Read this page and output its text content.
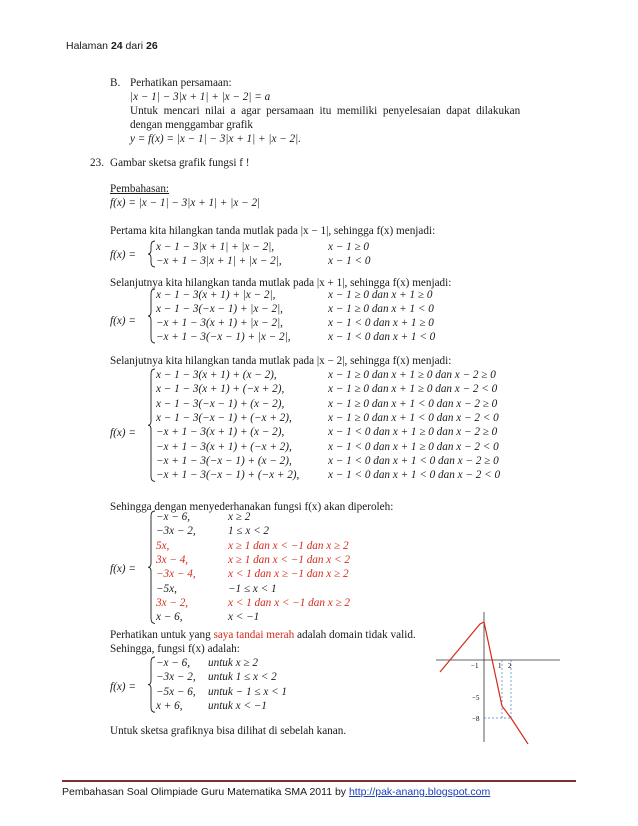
Halaman 24 dari 26
B. Perhatikan persamaan:
|x − 1| − 3|x + 1| + |x − 2| = a
Untuk  mencari  nilai  a  agar  persamaan  itu  memiliki  penyelesaian  dapat  dilakukan
dengan menggambar grafik
y = f(x) = |x − 1| − 3|x + 1| + |x − 2|.
23. Gambar sketsa grafik fungsi f !
Pembahasan:
f(x) = |x − 1| − 3|x + 1| + |x − 2|
Pertama kita hilangkan tanda mutlak pada |x − 1|, sehingga f(x) menjadi:
f(x) =
x − 1 − 3|x + 1| + |x − 2|,	x − 1 ≥ 0
−x + 1 − 3|x + 1| + |x − 2|,	x − 1 < 0
Selanjutnya kita hilangkan tanda mutlak pada |x + 1|, sehingga f(x) menjadi:
f(x) =
x − 1 − 3(x + 1) + |x − 2|,	x − 1 ≥ 0 dan x + 1 ≥ 0
x − 1 − 3(−x − 1) + |x − 2|,	x − 1 ≥ 0 dan x + 1 < 0
−x + 1 − 3(x + 1) + |x − 2|,	x − 1 < 0 dan x + 1 ≥ 0
−x + 1 − 3(−x − 1) + |x − 2|,	x − 1 < 0 dan x + 1 < 0
Selanjutnya kita hilangkan tanda mutlak pada |x − 2|, sehingga f(x) menjadi:
f(x) =
x − 1 − 3(x + 1) + (x − 2),	x − 1 ≥ 0 dan x + 1 ≥ 0 dan x − 2 ≥ 0
x − 1 − 3(x + 1) + (−x + 2),	x − 1 ≥ 0 dan x + 1 ≥ 0 dan x − 2 < 0
x − 1 − 3(−x − 1) + (x − 2),	x − 1 ≥ 0 dan x + 1 < 0 dan x − 2 ≥ 0
x − 1 − 3(−x − 1) + (−x + 2),	x − 1 ≥ 0 dan x + 1 < 0 dan x − 2 < 0
−x + 1 − 3(x + 1) + (x − 2),	x − 1 < 0 dan x + 1 ≥ 0 dan x − 2 ≥ 0
−x + 1 − 3(x + 1) + (−x + 2),	x − 1 < 0 dan x + 1 ≥ 0 dan x − 2 < 0
−x + 1 − 3(−x − 1) + (x − 2),	x − 1 < 0 dan x + 1 < 0 dan x − 2 ≥ 0
−x + 1 − 3(−x − 1) + (−x + 2),	x − 1 < 0 dan x + 1 < 0 dan x − 2 < 0
Sehingga dengan menyederhanakan fungsi f(x) akan diperoleh:
f(x) =
−x − 6,	x ≥ 2
−3x − 2,	1 ≤ x < 2
5x,	x ≥ 1 dan x < −1 dan x ≥ 2
3x − 4,	x ≥ 1 dan x < −1 dan x < 2
−3x − 4,	x < 1 dan x ≥ −1 dan x ≥ 2
−5x,	−1 ≤ x < 1
3x − 2,	x < 1 dan x < −1 dan x ≥ 2
x − 6,	x < −1
Perhatikan untuk yang saya tandai merah adalah domain tidak valid.
Sehingga, fungsi f(x) adalah:
f(x) =
−x − 6, untuk x ≥ 2
−3x − 2, untuk 1 ≤ x < 2
−5x − 6, untuk − 1 ≤ x < 1
x + 6, untuk x < −1
Untuk sketsa grafiknya bisa dilihat di sebelah kanan.
−1	1 2
−5
−8
Pembahasan Soal Olimpiade Guru Matematika SMA 2011 by http://pak-anang.blogspot.com
